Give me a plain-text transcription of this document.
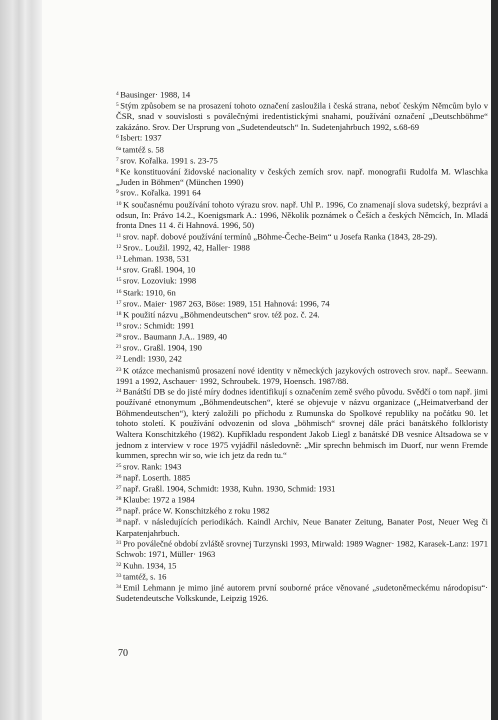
$^4$ Bausinger· 1988, 14

$^5$ Stým způsobem se na prosazení tohoto označení zasloužila i česká strana, neboť českým Němcům bylo v ČSR, snad v souvislosti s poválečnými iredentistickými snahami, používání označení „Deutschböhme“ zakázáno. Srov. Der Ursprung von „Sudetendeutsch“ In. Sudetenjahrbuch 1992, s.68-69

$^6$ Isbert: 1937

$^{6a}$ tamtéž s. 58

$^7$ srov. Kořalka. 1991 s. 23-75

$^8$ Ke konstituování židovské nacionality v českých zemích srov. např. monografii Rudolfa M. Wlaschka „Juden in Böhmen“ (München 1990)

$^9$ srov.. Kořalka. 1991 64

$^{10}$ K současnému používání tohoto výrazu srov. např. Uhl P.. 1996, Co znamenají slova sudetský, bezprávi a odsun, In: Právo 14.2., Koenigsmark A.: 1996, Několik poznámek o Češích a českých Němcích, In. Mladá fronta Dnes 11 4. či Hahnová. 1996, 50)

$^{11}$ srov. např. dobové používání termínů „Böhme-Čeche-Beim“ u Josefa Ranka (1843, 28-29).

$^{12}$ Srov.. Loužil. 1992, 42, Haller· 1988

$^{13}$ Lehman. 1938, 531

$^{14}$ srov. Graßl. 1904, 10

$^{15}$ srov. Lozoviuk: 1998

$^{16}$ Stark: 1910, 6n

$^{17}$ srov.. Maier· 1987 263, Böse: 1989, 151 Hahnová: 1996, 74

$^{18}$ K použití názvu „Böhmendeutschen“ srov. též poz. č. 24.

$^{19}$ srov.: Schmidt: 1991

$^{20}$ srov.. Baumann J.A.. 1989, 40

$^{21}$ srov.. Graßl. 1904, 190

$^{22}$ Lendl: 1930, 242

$^{23}$ K otázce mechanismů prosazení nové identity v německých jazykových ostrovech srov. např.. Seewann. 1991 a 1992, Aschauer· 1992, Schroubek. 1979, Hoensch. 1987/88.

$^{24}$ Banátští DB se do jisté míry dodnes identifikují s označením země svého původu. Svědčí o tom např. jimi používané etnonymum „Böhmendeutschen“, které se objevuje v názvu organizace („Heimatverband der Böhmendeutschen“), který založili po příchodu z Rumunska do Spolkové republiky na počátku 90. let tohoto století. K používání odvozenin od slova „böhmisch“ srovnej dále práci banátského folkloristy Waltera Konschitzkého (1982). Kupříkladu respondent Jakob Liegl z banátské DB vesnice Altsadowa se v jednom z interview v roce 1975 vyjádřil následovně: „Mir sprechn behmisch im Duorf, nur wenn Fremde kummen, sprechn wir so, wie ich jetz da redn tu.“

$^{25}$ srov. Rank: 1943

$^{26}$ např. Loserth. 1885

$^{27}$ např. Graßl. 1904, Schmidt: 1938, Kuhn. 1930, Schmid: 1931

$^{28}$ Klaube: 1972 a 1984

$^{29}$ např. práce W. Konschitzkého z roku 1982

$^{30}$ např. v následujících periodikách. Kaindl Archiv, Neue Banater Zeitung, Banater Post, Neuer Weg či Karpatenjahrbuch.

$^{31}$ Pro poválečné období zvláště srovnej Turzynski 1993, Mirwald: 1989 Wagner· 1982, Karasek-Lanz: 1971 Schwob: 1971, Müller· 1963

$^{32}$ Kuhn. 1934, 15

$^{33}$ tamtéž, s. 16

$^{34}$ Emil Lehmann je mimo jiné autorem první souborné práce věnované „sudetoněmeckému národopisu“· Sudetendeutsche Volkskunde, Leipzig 1926.

70
